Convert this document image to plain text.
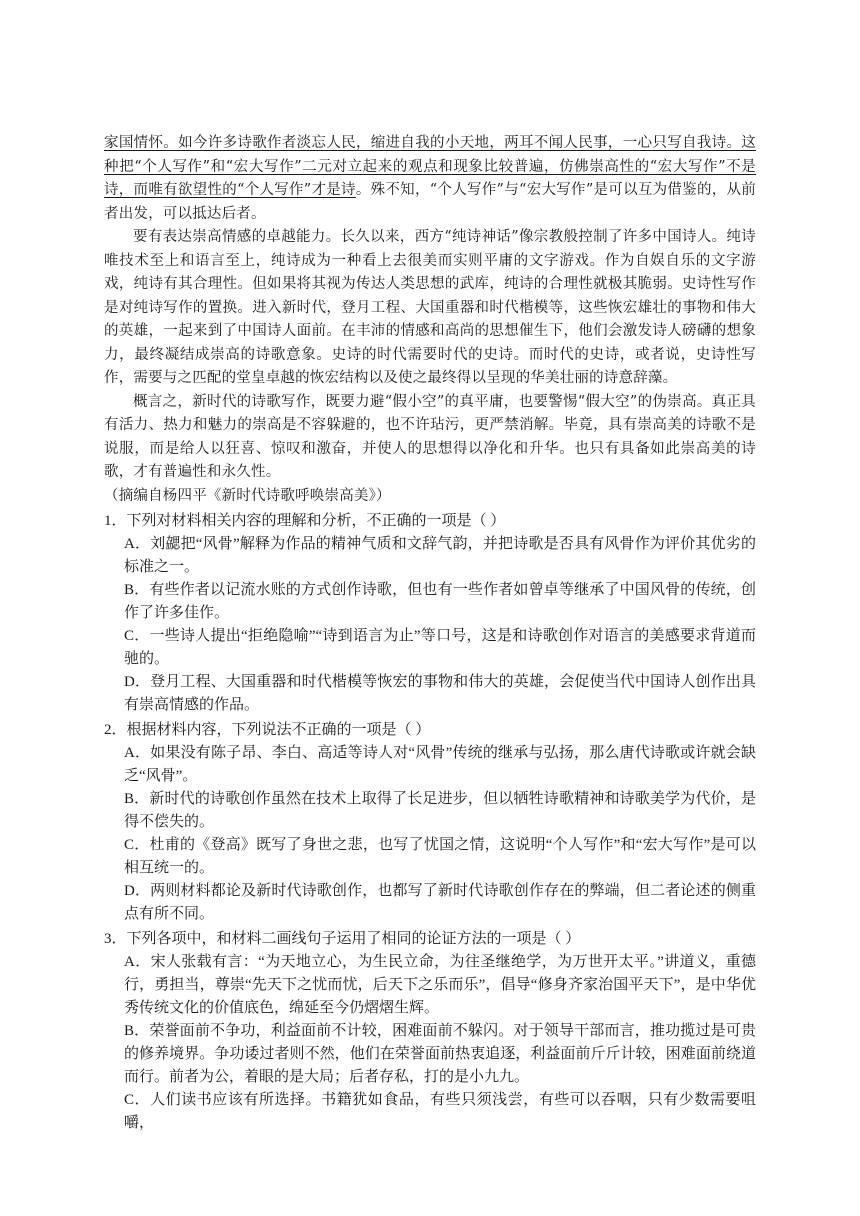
家国情怀。如今许多诗歌作者淡忘人民，缩进自我的小天地，两耳不闻人民事，一心只写自我诗。这种把“个人写作”和“宏大写作”二元对立起来的观点和现象比较普遍，仿佛崇高性的“宏大写作”不是诗，而唯有欲望性的“个人写作”才是诗。殊不知，“个人写作”与“宏大写作”是可以互为借鉴的，从前者出发，可以抵达后者。

要有表达崇高情感的卓越能力。长久以来，西方“纯诗神话”像宗教般控制了许多中国诗人。纯诗唯技术至上和语言至上，纯诗成为一种看上去很美而实则平庸的文字游戏。作为自娱自乐的文字游戏，纯诗有其合理性。但如果将其视为传达人类思想的武库，纯诗的合理性就极其脆弱。史诗性写作是对纯诗写作的置换。进入新时代，登月工程、大国重器和时代楷模等，这些恢宏雄壮的事物和伟大的英雄，一起来到了中国诗人面前。在丰沛的情感和高尚的思想催生下，他们会激发诗人磅礴的想象力，最终凝结成崇高的诗歌意象。史诗的时代需要时代的史诗。而时代的史诗，或者说，史诗性写作，需要与之匹配的堂皇卓越的恢宏结构以及使之最终得以呈现的华美壮丽的诗意辞藻。

概言之，新时代的诗歌写作，既要力避“假小空”的真平庸，也要警惕“假大空”的伪崇高。真正具有活力、热力和魅力的崇高是不容躲避的，也不许玷污，更严禁消解。毕竟，具有崇高美的诗歌不是说服，而是给人以狂喜、惊叹和激奋，并使人的思想得以净化和升华。也只有具备如此崇高美的诗歌，才有普遍性和永久性。

（摘编自杨四平《新时代诗歌呼唤崇高美》）

1．下列对材料相关内容的理解和分析，不正确的一项是（ ）

A．刘勰把“风骨”解释为作品的精神气质和文辞气韵，并把诗歌是否具有风骨作为评价其优劣的标准之一。

B．有些作者以记流水账的方式创作诗歌，但也有一些作者如曾卓等继承了中国风骨的传统，创作了许多佳作。

C．一些诗人提出“拒绝隐喻”“诗到语言为止”等口号，这是和诗歌创作对语言的美感要求背道而驰的。

D．登月工程、大国重器和时代楷模等恢宏的事物和伟大的英雄，会促使当代中国诗人创作出具有崇高情感的作品。

2．根据材料内容，下列说法不正确的一项是（ ）

A．如果没有陈子昂、李白、高适等诗人对“风骨”传统的继承与弘扬，那么唐代诗歌或许就会缺乏“风骨”。

B．新时代的诗歌创作虽然在技术上取得了长足进步，但以牺牲诗歌精神和诗歌美学为代价，是得不偿失的。

C．杜甫的《登高》既写了身世之悲，也写了忧国之情，这说明“个人写作”和“宏大写作”是可以相互统一的。

D．两则材料都论及新时代诗歌创作，也都写了新时代诗歌创作存在的弊端，但二者论述的侧重点有所不同。

3．下列各项中，和材料二画线句子运用了相同的论证方法的一项是（ ）

A．宋人张载有言：“为天地立心，为生民立命，为往圣继绝学，为万世开太平。”讲道义，重德行，勇担当，尊崇“先天下之忧而忧，后天下之乐而乐”，倡导“修身齐家治国平天下”，是中华优秀传统文化的价值底色，绵延至今仍熠熠生辉。

B．荣誉面前不争功，利益面前不计较，困难面前不躲闪。对于领导干部而言，推功揽过是可贵的修养境界。争功诿过者则不然，他们在荣誉面前热衷追逐，利益面前斤斤计较，困难面前绕道而行。前者为公，着眼的是大局；后者存私，打的是小九九。

C．人们读书应该有所选择。书籍犹如食品，有些只须浅尝，有些可以吞咽，只有少数需要咀嚼，
